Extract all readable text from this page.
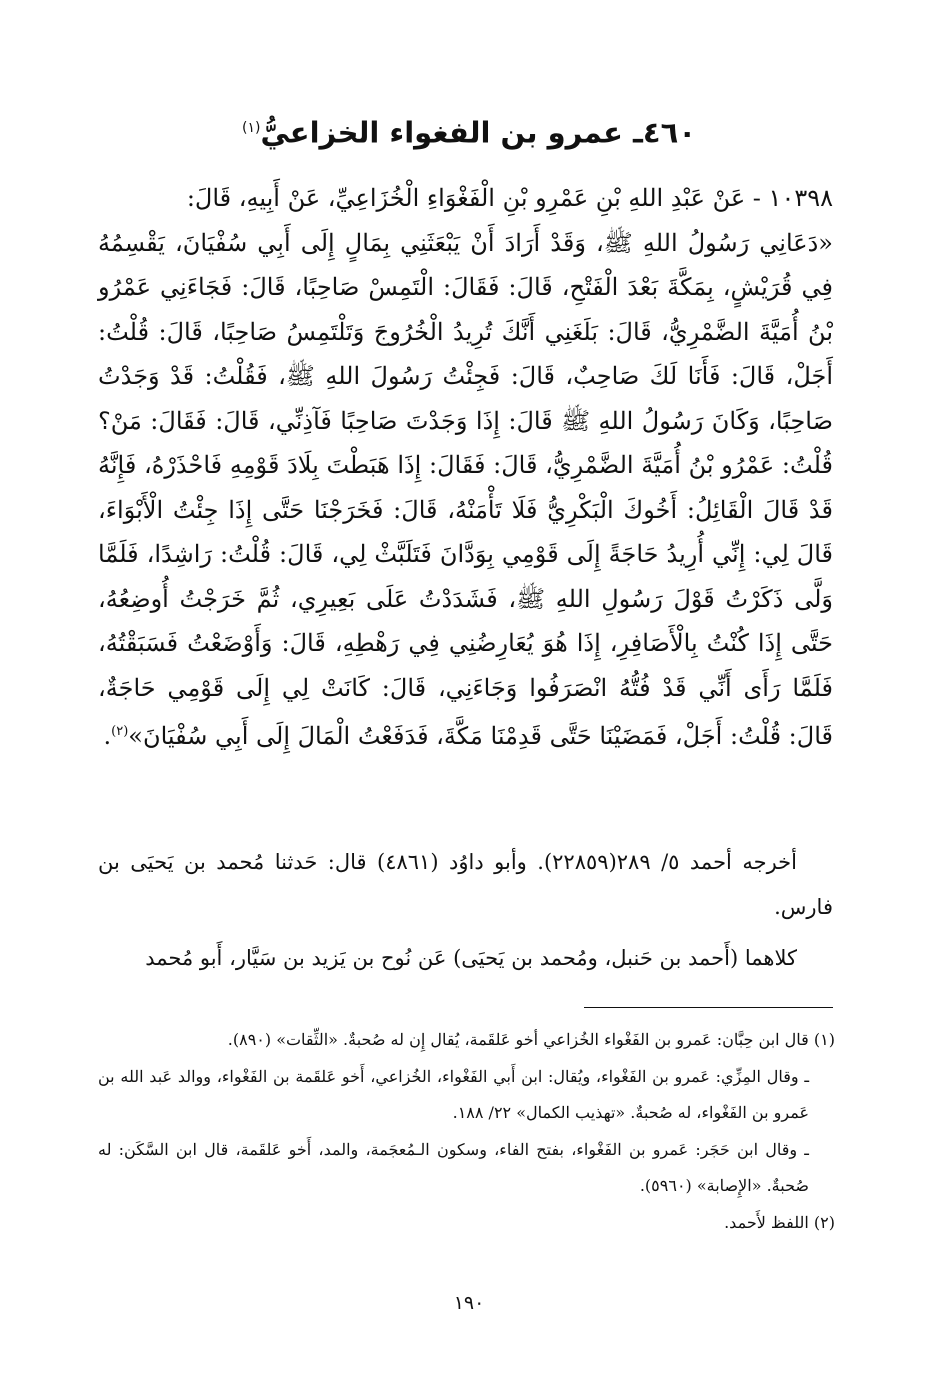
٤٦٠ـ عمرو بن الفغواء الخزاعيُّ$^{(١)}$

١٠٣٩٨ - عَنْ عَبْدِ اللهِ بْنِ عَمْرِو بْنِ الْفَغْوَاءِ الْخُزَاعِيِّ، عَنْ أَبِيهِ، قَالَ:

«دَعَانِي رَسُولُ اللهِ ﷺ، وَقَدْ أَرَادَ أَنْ يَبْعَثَنِي بِمَالٍ إِلَى أَبِي سُفْيَانَ، يَقْسِمُهُ فِي قُرَيْشٍ، بِمَكَّةَ بَعْدَ الْفَتْحِ، قَالَ: فَقَالَ: الْتَمِسْ صَاحِبًا، قَالَ: فَجَاءَنِي عَمْرُو بْنُ أُمَيَّةَ الضَّمْرِيُّ، قَالَ: بَلَغَنِي أَنَّكَ تُرِيدُ الْخُرُوجَ وَتَلْتَمِسُ صَاحِبًا، قَالَ: قُلْتُ: أَجَلْ، قَالَ: فَأَنَا لَكَ صَاحِبٌ، قَالَ: فَجِئْتُ رَسُولَ اللهِ ﷺ، فَقُلْتُ: قَدْ وَجَدْتُ صَاحِبًا، وَكَانَ رَسُولُ اللهِ ﷺ قَالَ: إِذَا وَجَدْتَ صَاحِبًا فَآذِنِّي، قَالَ: فَقَالَ: مَنْ؟ قُلْتُ: عَمْرُو بْنُ أُمَيَّةَ الضَّمْرِيُّ، قَالَ: فَقَالَ: إِذَا هَبَطْتَ بِلَادَ قَوْمِهِ فَاحْذَرْهُ، فَإِنَّهُ قَدْ قَالَ الْقَائِلُ: أَخُوكَ الْبَكْرِيُّ فَلَا تَأْمَنْهُ، قَالَ: فَخَرَجْنَا حَتَّى إِذَا جِئْتُ الْأَبْوَاءَ، قَالَ لِي: إِنِّي أُرِيدُ حَاجَةً إِلَى قَوْمِي بِوَدَّانَ فَتَلَبَّثْ لِي، قَالَ: قُلْتُ: رَاشِدًا، فَلَمَّا وَلَّى ذَكَرْتُ قَوْلَ رَسُولِ اللهِ ﷺ، فَشَدَدْتُ عَلَى بَعِيرِي، ثُمَّ خَرَجْتُ أُوضِعُهُ، حَتَّى إِذَا كُنْتُ بِالْأَصَافِرِ، إِذَا هُوَ يُعَارِضُنِي فِي رَهْطِهِ، قَالَ: وَأَوْضَعْتُ فَسَبَقْتُهُ، فَلَمَّا رَأَى أَنِّي قَدْ فُتُّهُ انْصَرَفُوا وَجَاءَنِي، قَالَ: كَانَتْ لِي إِلَى قَوْمِي حَاجَةٌ، قَالَ: قُلْتُ: أَجَلْ، فَمَضَيْنَا حَتَّى قَدِمْنَا مَكَّةَ، فَدَفَعْتُ الْمَالَ إِلَى أَبِي سُفْيَانَ»$^{(٢)}$.

أخرجه أحمد ٥/ ٢٨٩(٢٢٨٥٩). وأبو داوُد (٤٨٦١) قال: حَدثنا مُحمد بن يَحيَى بن فارس.

كلاهما (أَحمد بن حَنبل، ومُحمد بن يَحيَى) عَن نُوح بن يَزيد بن سَيَّار، أَبو مُحمد

(١) قال ابن حِبَّان: عَمرو بن الفَغْواء الخُزاعي أخو عَلقَمة، يُقال إِن له صُحبةٌ. «الثِّقات» (٨٩٠).

ـ وقال المِزِّي: عَمرو بن الفَغْواء، ويُقال: ابن أَبي الفَغْواء، الخُزاعي، أَخو عَلقَمة بن الفَغْواء، ووالد عَبد الله بن عَمرو بن الفَغْواء، له صُحبةٌ. «تهذيب الكمال» ٢٢/ ١٨٨.

ـ وقال ابن حَجَر: عَمرو بن الفَغْواء، بفتح الفاء، وسكون الـمُعجَمة، والمد، أَخو عَلقَمة، قال ابن السَّكَن: له صُحبةٌ. «الإِصابة» (٥٩٦٠).

(٢) اللفظ لأَحمد.

١٩٠
